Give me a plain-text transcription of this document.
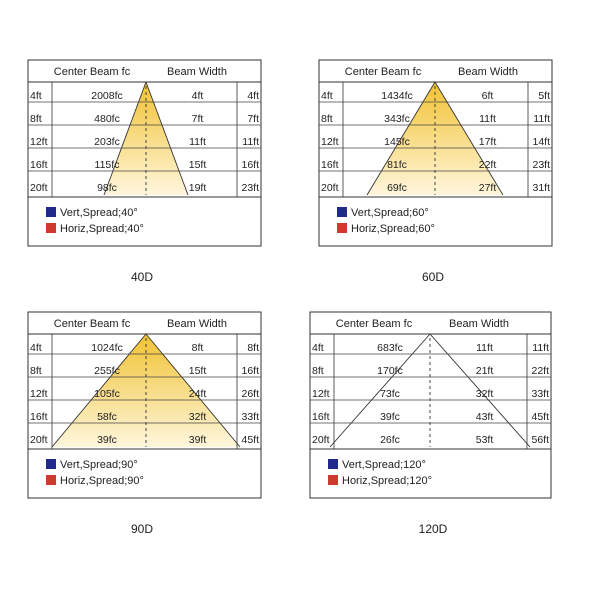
Center Beam fc	Beam Width
4ft	2008fc	4ft	4ft
8ft	480fc	7ft	7ft
12ft	203fc	11ft	11ft
16ft	115fc	15ft	16ft
20ft	98fc	19ft	23ft
Vert,Spread;40°
Horiz,Spread;40°
40D
Center Beam fc	Beam Width
4ft	1434fc	6ft	5ft
8ft	343fc	11ft	11ft
12ft	145fc	17ft	14ft
16ft	81fc	22ft	23ft
20ft	69fc	27ft	31ft
Vert,Spread;60°
Horiz,Spread;60°
60D
Center Beam fc	Beam Width
4ft	1024fc	8ft	8ft
8ft	255fc	15ft	16ft
12ft	105fc	24ft	26ft
16ft	58fc	32ft	33ft
20ft	39fc	39ft	45ft
Vert,Spread;90°
Horiz,Spread;90°
90D
Center Beam fc	Beam Width
4ft	683fc	11ft	11ft
8ft	170fc	21ft	22ft
12ft	73fc	32ft	33ft
16ft	39fc	43ft	45ft
20ft	26fc	53ft	56ft
Vert,Spread;120°
Horiz,Spread;120°
120D
